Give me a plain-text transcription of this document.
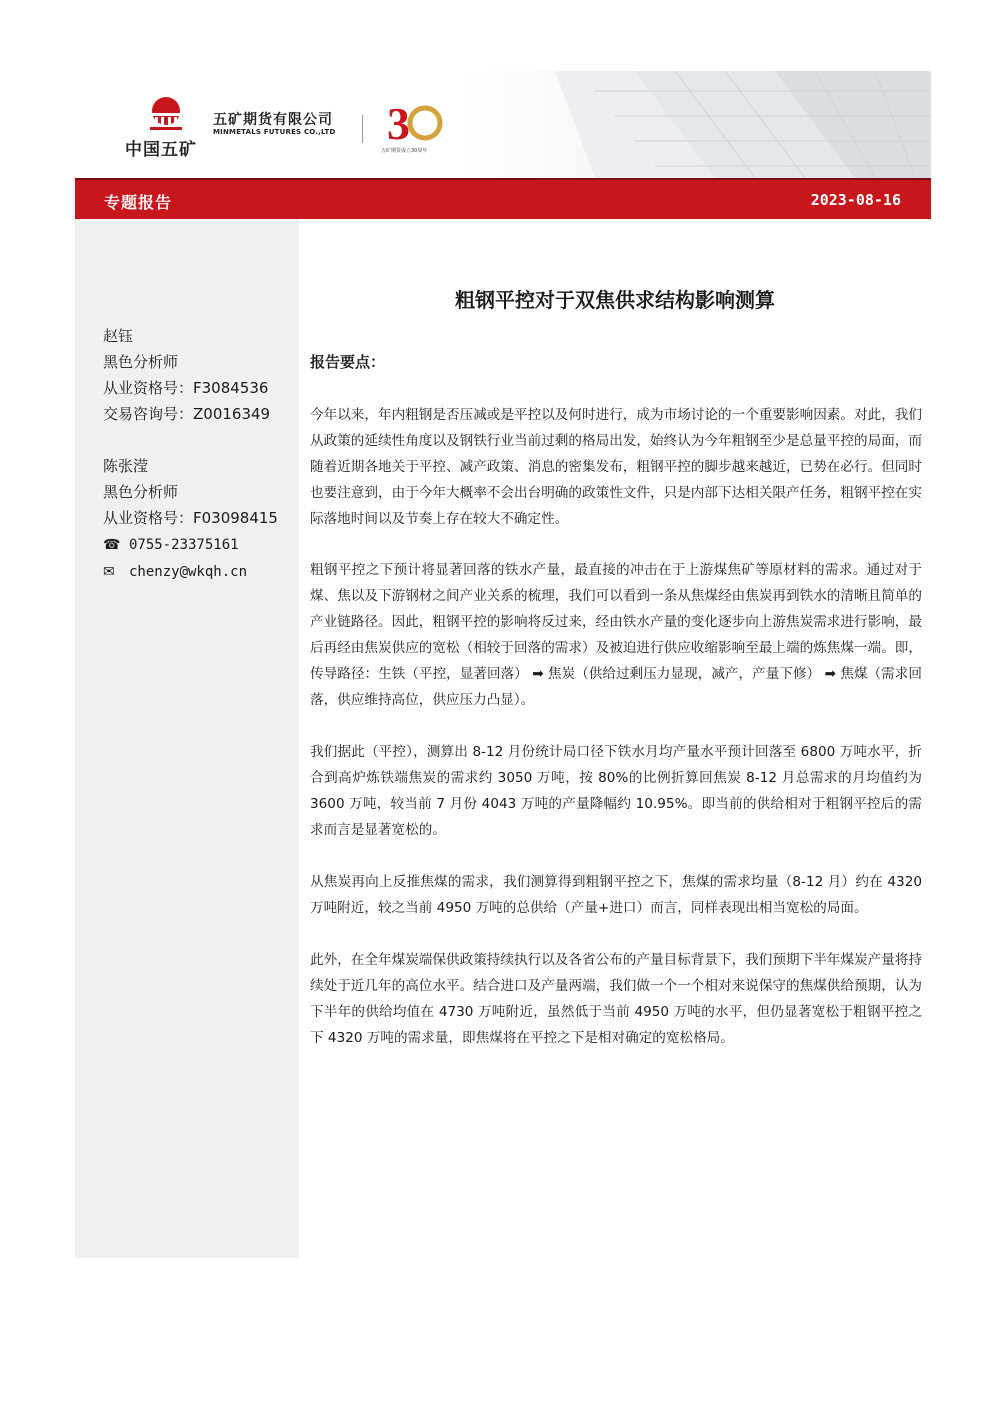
中国五矿
五矿期货有限公司
MINMETALS FUTURES CO.,LTD 3
五矿期货成立30周年
专题报告	2023-08-16
赵钰
黑色分析师
从业资格号：F3084536
交易咨询号：Z0016349
陈张滢
黑色分析师
从业资格号：F03098415
☎ 0755-23375161
✉ chenzy@wkqh.cn
粗钢平控对于双焦供求结构影响测算
报告要点：
今年以来，年内粗钢是否压减或是平控以及何时进行，成为市场讨论的一个重要影响因素。对此，我们从政策的延续性角度以及钢铁行业当前过剩的格局出发，始终认为今年粗钢至少是总量平控的局面，而随着近期各地关于平控、减产政策、消息的密集发布，粗钢平控的脚步越来越近，已势在必行。但同时也要注意到，由于今年大概率不会出台明确的政策性文件，只是内部下达相关限产任务，粗钢平控在实际落地时间以及节奏上存在较大不确定性。
粗钢平控之下预计将显著回落的铁水产量，最直接的冲击在于上游煤焦矿等原材料的需求。通过对于煤、焦以及下游钢材之间产业关系的梳理，我们可以看到一条从焦煤经由焦炭再到铁水的清晰且简单的产业链路径。因此，粗钢平控的影响将反过来，经由铁水产量的变化逐步向上游焦炭需求进行影响，最后再经由焦炭供应的宽松（相较于回落的需求）及被迫进行供应收缩影响至最上端的炼焦煤一端。即，传导路径：生铁（平控，显著回落） ➡ 焦炭（供给过剩压力显现，减产，产量下修） ➡ 焦煤（需求回落，供应维持高位，供应压力凸显）。
我们据此（平控），测算出 8-12 月份统计局口径下铁水月均产量水平预计回落至 6800 万吨水平，折合到高炉炼铁端焦炭的需求约 3050 万吨，按 80%的比例折算回焦炭 8-12 月总需求的月均值约为 3600 万吨，较当前 7 月份 4043 万吨的产量降幅约 10.95%。即当前的供给相对于粗钢平控后的需求而言是显著宽松的。
从焦炭再向上反推焦煤的需求，我们测算得到粗钢平控之下，焦煤的需求均量（8-12 月）约在 4320 万吨附近，较之当前 4950 万吨的总供给（产量+进口）而言，同样表现出相当宽松的局面。
此外，在全年煤炭端保供政策持续执行以及各省公布的产量目标背景下，我们预期下半年煤炭产量将持续处于近几年的高位水平。结合进口及产量两端，我们做一个一个相对来说保守的焦煤供给预期，认为下半年的供给均值在 4730 万吨附近，虽然低于当前 4950 万吨的水平，但仍显著宽松于粗钢平控之下 4320 万吨的需求量，即焦煤将在平控之下是相对确定的宽松格局。
